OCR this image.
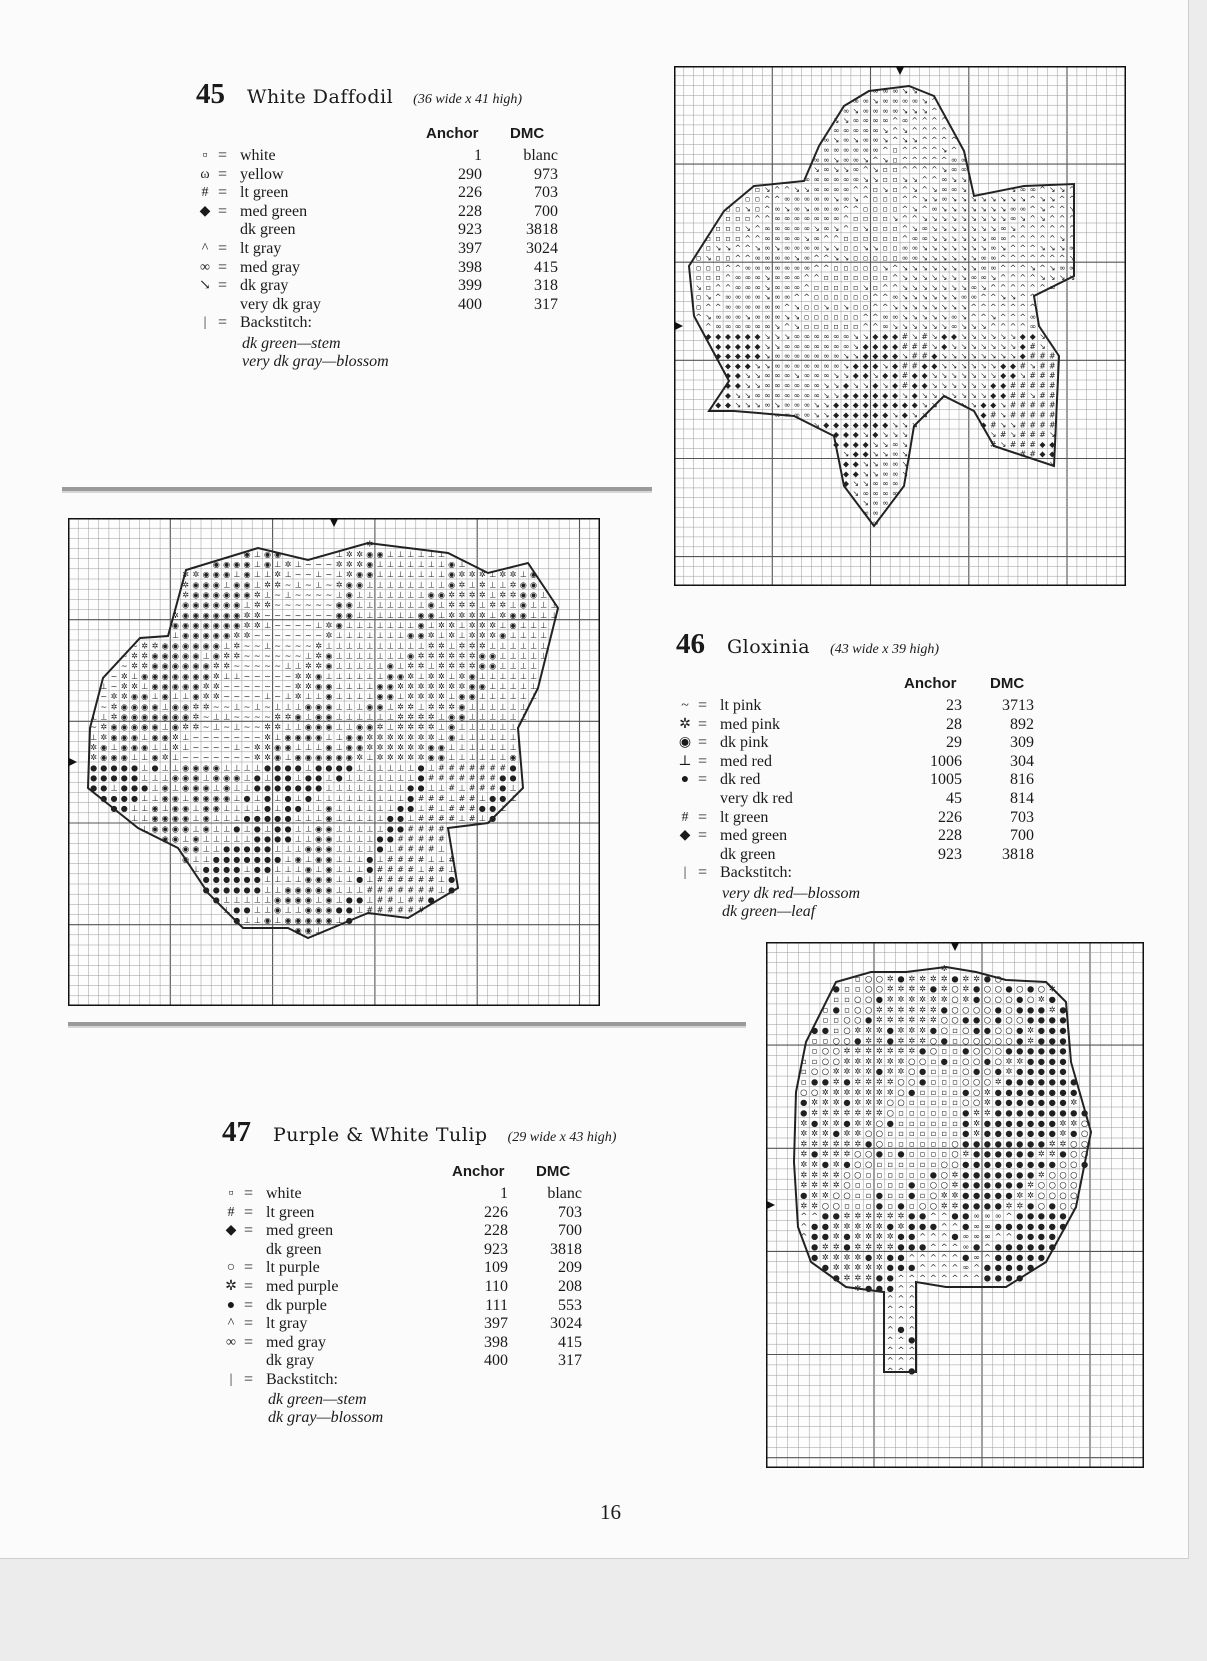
45 White Daffodil (36 wide x 41 high)
Anchor DMC
▫ = white	1	blanc
ω = yellow	290	973
# = lt green	226	703
◆ = med green	228	700
dk green	923	3818
^ = lt gray	397	3024
∞ = med gray	398	415
↘ = dk gray	399	318
very dk gray	400	317
| = Backstitch:
dk green—stem
very dk gray—blossom
46 Gloxinia (43 wide x 39 high)
Anchor DMC
~ = lt pink	23	3713
✲ = med pink	28	892
◉ = dk pink	29	309
⊥ = med red	1006	304
● = dk red	1005	816
very dk red	45	814
# = lt green	226	703
◆ = med green	228	700
dk green	923	3818
| = Backstitch:
very dk red—blossom
dk green—leaf
47 Purple & White Tulip (29 wide x 43 high)
Anchor DMC
▫ = white	1	blanc
# = lt green	226	703
◆ = med green	228	700
dk green	923	3818
○ = lt purple	109	209
✲ = med purple	110	208
● = dk purple	111	553
^ = lt gray	397	3024
∞ = med gray	398	415
dk gray	400	317
| = Backstitch:
dk green—stem
dk gray—blossom
∞ ∞ ∞ ↘ ↘
∞ ∞ ↘ ∞ ∞ ∞ ∞ ↘ ^
∞ ↘ ∞ ∞ ∞ ∞ ↘ ↘ ↘ ^
↘ ↘ ∞ ∞ ∞ ∞ ^ ∞ ^ ^ ^ ^
∞ ∞ ∞ ∞ ∞ ↘ ^ ↘ ^ ^ ^ ^
∞ ↘ ∞ ↘ ∞ ∞ ↘ ^ ↘ ↘ ^ ^ ^ ^
∞ ∞ ∞ ∞ ∞ ∞ ^ ▫ ^ ^ ^ ^ ↘ ^
∞ ∞ ↘ ∞ ∞ ↘ ^ ↘ ▫ ^ ^ ^ ^ ^ ∞ ∞
↘ ∞ ↘ ↘ ∞ ^ ↘ ▫ ▫ ^ ^ ^ ^ ↘ ∞ ∞
∞ ∞ ∞ ∞ ∞ ∞ ↘ ↘ ▫ ▫ ↘ ↘ ^ ^ ∞ ↘ ↘
▫ ↘ ^ ^ ↘ ↘ ∞ ∞ ∞ ∞ ^ ^ ▫ ↘ ▫ ^ ↘ ^ ↘ ∞ ∞ ↘	↘ ∞ ∞ ^ ↘ ↘ ^
▫ ▫ ^ ^ ∞ ∞ ∞ ∞ ∞ ↘ ∞ ↘ ^ ▫ ▫ ▫ ^ ^ ↘ ↘ ∞ ↘ ↘ ↘ ↘ ↘ ↘ ↘ ↘ ^ ↘ ↘ ^ ^
▫ ▫ ↘ ▫ ^ ∞ ↘ ∞ ↘ ∞ ∞ ∞ ^ ^ ▫ ▫ ▫ ▫ ^ ↘ ^ ∞ ↘ ↘ ↘ ↘ ↘ ↘ ↘ ∞ ∞ ^ ↘ ^ ^ ↘
▫ ▫ ▫ ^ ^ ∞ ∞ ∞ ∞ ∞ ∞ ∞ ^ ▫ ▫ ▫ ▫ ↘ ^ ^ ↘ ↘ ↘ ↘ ↘ ↘ ↘ ↘ ↘ ∞ ↘ ^ ↘ ^ ^ ^
▫ ▫ ▫ ↘ ^ ∞ ∞ ∞ ∞ ∞ ↘ ∞ ↘ ^ ▫ ↘ ▫ ▫ ▫ ^ ↘ ∞ ↘ ↘ ↘ ↘ ↘ ↘ ↘ ∞ ↘ ^ ^ ^ ^ ^ ^
▫ ▫ ▫ ▫ ^ ^ ∞ ∞ ∞ ∞ ↘ ∞ ^ ^ ▫ ▫ ▫ ▫ ▫ ▫ ^ ∞ ∞ ↘ ↘ ↘ ↘ ↘ ↘ ∞ ∞ ^ ^ ^ ^ ^ ↘ ^
▫ ↘ ↘ ^ ^ ↘ ∞ ↘ ∞ ∞ ∞ ∞ ↘ ↘ ▫ ▫ ↘ ↘ ▫ ▫ ∞ ∞ ↘ ↘ ↘ ↘ ↘ ↘ ↘ ∞ ↘ ^ ^ ^ ↘ ↘ ↘ ∞
▫ ↘ ▫ ▫ ^ ^ ∞ ∞ ∞ ∞ ↘ ∞ ^ ^ ↘ ↘ ▫ ▫ ▫ ▫ ▫ ∞ ∞ ↘ ↘ ↘ ↘ ↘ ↘ ∞ ∞ ^ ^ ^ ^ ^ ^ ^ ↘
▫ ▫ ▫ ^ ^ ∞ ∞ ∞ ∞ ∞ ∞ ∞ ^ ^ ▫ ▫ ▫ ▫ ▫ ↘ ^ ↘ ↘ ↘ ↘ ↘ ↘ ↘ ↘ ∞ ∞ ^ ^ ^ ↘ ^ ↘ ∞ ∞
▫ ▫ ▫ ^ ∞ ∞ ∞ ↘ ∞ ∞ ∞ ^ ^ ▫ ▫ ▫ ▫ ▫ ▫ ▫ ^ ↘ ↘ ↘ ↘ ↘ ↘ ↘ ∞ ∞ ↘ ^ ^ ^ ^ ↘ ↘ ↘ ↘
↘ ▫ ^ ^ ∞ ∞ ∞ ↘ ∞ ∞ ∞ ^ ▫ ▫ ▫ ▫ ▫ ↘ ▫ ^ ^ ↘ ↘ ↘ ↘ ↘ ↘ ↘ ∞ ↘ ^ ^ ^ ^ ^ ^ ∞
▫ ↘ ^ ∞ ∞ ∞ ∞ ↘ ∞ ∞ ^ ^ ▫ ▫ ▫ ▫ ▫ ▫ ^ ^ ∞ ↘ ↘ ↘ ↘ ↘ ↘ ∞ ∞ ^ ^ ↘ ↘ ^ ^
▫ ^ ^ ∞ ∞ ∞ ∞ ∞ ∞ ^ ↘ ▫ ▫ ↘ ▫ ↘ ▫ ▫ ^ ^ ↘ ↘ ↘ ↘ ↘ ↘ ↘ ↘ ^ ^ ^ ^ ^ ^ ^
^ ↘ ∞ ∞ ∞ ↘ ∞ ∞ ∞ ↘ ↘ ▫ ▫ ▫ ▫ ▫ ▫ ^ ^ ∞ ∞ ↘ ↘ ↘ ↘ ↘ ∞ ↘ ^ ^ ↘ ^ ^ ^ ∞
^ ∞ ∞ ∞ ∞ ∞ ∞ ↘ ^ ↘ ▫ ▫ ▫ ▫ ▫ ▫ ^ ^ ∞ ↘ ↘ ↘ ↘ ↘ ↘ ∞ ↘ ↘ ↘ ^ ^ ^ ^ ∞
◆ ◆ ◆ ◆ ◆ ◆ ↘ ↘ ↘ ∞ ∞ ∞ ∞ ∞ ∞ ↘ ↘ ◆ ◆ ◆ # ↘ # ↘ ◆ ◆ ↘ ↘ ↘ ↘ ↘ ↘ ◆ ◆ ↘
◆ ◆ ◆ ◆ ◆ ↘ ↘ ∞ ∞ ∞ ∞ ∞ ∞ ∞ ↘ ◆ ◆ ◆ ◆ # # # ↘ ◆ ↘ ↘ ↘ ↘ ↘ ↘ ↘ ◆ # ↘
◆ ◆ ◆ ◆ ◆ ↘ ∞ ∞ ∞ ∞ ∞ ∞ ∞ ↘ ↘ ◆ ◆ ◆ ◆ ↘ # # ◆ ↘ ↘ ↘ ↘ ↘ ↘ ↘ ↘ ◆ # # #
◆ ◆ ◆ ↘ ↘ ∞ ∞ ∞ ∞ ∞ ∞ ∞ ↘ ◆ ◆ ◆ ↘ ◆ # # ◆ ◆ ↘ ↘ ↘ ↘ ↘ ↘ ◆ ◆ # ↘ # #
◆ ◆ ↘ ↘ ∞ ∞ ∞ ↘ ∞ ∞ ∞ ↘ ↘ ◆ ◆ ↘ ◆ ◆ # ◆ ◆ ↘ ↘ ↘ ↘ ↘ ↘ ↘ ◆ ◆ ↘ # # #
◆ ◆ ↘ ↘ ∞ ∞ ∞ ∞ ∞ ∞ ↘ ↘ ◆ ↘ ↘ ◆ ↘ ◆ # ◆ ◆ ↘ ↘ ↘ ↘ ↘ ↘ ◆ ◆ # # # # #
◆ ↘ ↘ ∞ ∞ ∞ ∞ ∞ ∞ ∞ ↘ ↘ ◆ ◆ ◆ ◆ ◆ ◆ ↘ ◆ ↘ ↘ ↘ ↘ ↘ ↘ ↘ ◆ ◆ # # ↘ # #
◆ ◆ ↘ ↘ ↘ ∞ ↘ ∞ ∞ ∞ ↘ ↘ ◆ ◆ ◆ ◆ ◆ ◆ ◆ ◆ ◆ ↘ ↘	↘ ↘ ◆ ◆ ↘ # # # # #
∞ ∞ ∞ ∞ ↘ ↘ ◆ ◆ ◆ ◆ ◆ ◆ ↘ ◆ ↘ ↘	◆ # ↘ # # # # #
↘ ◆ ◆ ◆ ◆ ◆ ◆ ◆ ↘ ↘ ↘	◆ # ↘ ↘ # # # #
◆ ◆ ◆ ↘ ◆ ↘ ↘ ↘	↘ # ↘ # # # ↘
◆ ◆ ◆ ◆ ↘ ↘ ∞ ↘	# ↘ # # # ◆ ◆
↘ ◆ ◆ ↘ ↘ ∞ ↘	# # ◆ ◆
◆ ◆ ↘ ↘ ∞ ∞ ↘	↘
◆ ◆ ↘ ↘ ∞ ∞ ↘
◆ ↘ ↘ ∞ ∞ ∞
↘ ∞ ∞ ∞ ∞
↘ ∞ ∞
∞ ∞
∞
✲
◉ ⊥ ◉ ◉	⊥ ✲ ✲ ◉ ◉ ⊥ ⊥ ⊥ ⊥ ⊥ ⊥
◉ ◉ ◉ ◉ ⊥ ◉ ⊥ ✲ ⊥ ~ ~ ~ ✲ ✲ ✲ ◉ ⊥ ⊥ ⊥ ⊥ ⊥ ⊥ ⊥ ◉ ⊥
✲ ✲ ◉ ◉ ◉ ⊥ ◉ ⊥ ⊥ ✲ ⊥ ~ ~ ⊥ ~ ⊥ ✲ ◉ ◉ ⊥ ⊥ ⊥ ⊥ ⊥ ⊥ ⊥ ◉ ✲ ✲ ✲ ⊥ ✲ ✲ ⊥ ◉
✲ ◉ ◉ ◉ ⊥ ◉ ◉ ⊥ ✲ ✲ ~ ⊥ ~ ⊥ ~ ✲ ◉ ◉ ⊥ ⊥ ⊥ ⊥ ⊥ ⊥ ⊥ ⊥ ◉ ✲ ⊥ ✲ ⊥ ⊥ ✲ ◉ ◉
✲ ◉ ◉ ◉ ◉ ◉ ◉ ✲ ⊥ ~ ⊥ ~ ~ ~ ~ ⊥ ◉ ⊥ ⊥ ⊥ ⊥ ⊥ ⊥ ⊥ ◉ ◉ ✲ ✲ ✲ ✲ ⊥ ✲ ✲ ◉ ◉ ⊥
◉ ◉ ◉ ◉ ◉ ◉ ⊥ ✲ ✲ ~ ~ ~ ~ ~ ~ ◉ ◉ ⊥ ⊥ ⊥ ⊥ ⊥ ⊥ ⊥ ◉ ⊥ ✲ ✲ ✲ ⊥ ✲ ✲ ⊥ ◉ ⊥ ⊥ ⊥
✲ ◉ ◉ ◉ ◉ ◉ ◉ ✲ ✲ ~ ~ ~ ~ ~ ~ ~ ◉ ◉ ⊥ ⊥ ⊥ ⊥ ⊥ ⊥ ◉ ◉ ⊥ ✲ ✲ ✲ ✲ ⊥ ✲ ◉ ◉ ⊥ ⊥ ⊥
◉ ◉ ◉ ◉ ◉ ◉ ◉ ✲ ✲ ⊥ ~ ~ ~ ~ ⊥ ✲ ◉ ⊥ ⊥ ⊥ ⊥ ⊥ ⊥ ⊥ ◉ ⊥ ✲ ✲ ⊥ ✲ ✲ ✲ ⊥ ◉ ⊥ ⊥ ⊥
⊥ ◉ ◉ ◉ ◉ ◉ ✲ ✲ ~ ~ ~ ~ ~ ~ ~ ✲ ⊥ ⊥ ⊥ ⊥ ⊥ ⊥ ⊥ ◉ ◉ ✲ ⊥ ✲ ⊥ ✲ ✲ ✲ ◉ ⊥ ⊥ ⊥ ⊥
~ ✲ ✲ ◉ ◉ ◉ ◉ ◉ ◉ ⊥ ✲ ~ ~ ⊥ ~ ~ ~ ~ ✲ ⊥ ⊥ ⊥ ⊥ ⊥ ⊥ ⊥ ⊥ ⊥ ⊥ ✲ ✲ ⊥ ✲ ✲ ✲ ⊥ ⊥ ⊥ ⊥ ⊥ ⊥
~ ✲ ✲ ◉ ◉ ◉ ◉ ◉ ⊥ ◉ ✲ ✲ ~ ~ ~ ~ ~ ~ ⊥ ✲ ◉ ⊥ ⊥ ⊥ ⊥ ⊥ ⊥ ⊥ ◉ ✲ ✲ ✲ ✲ ✲ ✲ ◉ ◉ ⊥ ⊥ ⊥ ⊥ ⊥
~ ✲ ✲ ◉ ◉ ◉ ◉ ◉ ◉ ✲ ✲ ~ ~ ~ ~ ~ ⊥ ⊥ ✲ ✲ ◉ ⊥ ⊥ ⊥ ⊥ ⊥ ◉ ⊥ ✲ ✲ ⊥ ✲ ✲ ✲ ✲ ◉ ◉ ⊥ ⊥ ⊥ ⊥
~ ✲ ⊥ ◉ ◉ ◉ ◉ ◉ ◉ ◉ ✲ ⊥ ⊥ ~ ~ ~ ~ ~ ✲ ✲ ◉ ⊥ ⊥ ⊥ ⊥ ⊥ ⊥ ◉ ◉ ✲ ⊥ ✲ ✲ ⊥ ✲ ◉ ⊥ ⊥ ⊥ ⊥ ⊥ ⊥
⊥ ~ ✲ ✲ ⊥ ◉ ◉ ◉ ◉ ◉ ✲ ✲ ~ ~ ~ ~ ~ ~ ~ ✲ ✲ ◉ ◉ ⊥ ⊥ ⊥ ⊥ ◉ ◉ ✲ ✲ ✲ ✲ ✲ ✲ ✲ ◉ ◉ ⊥ ⊥ ⊥ ⊥ ⊥
~ ✲ ✲ ◉ ◉ ⊥ ◉ ⊥ ⊥ ◉ ✲ ✲ ~ ~ ~ ~ ⊥ ~ ⊥ ✲ ⊥ ⊥ ◉ ⊥ ⊥ ⊥ ⊥ ◉ ◉ ⊥ ✲ ✲ ✲ ✲ ⊥ ◉ ◉ ⊥ ⊥ ⊥ ⊥ ⊥ ⊥
~ ✲ ◉ ◉ ◉ ◉ ⊥ ◉ ◉ ✲ ✲ ~ ~ ⊥ ~ ⊥ ~ ⊥ ⊥ ⊥ ◉ ◉ ◉ ⊥ ⊥ ⊥ ◉ ◉ ⊥ ✲ ✲ ⊥ ✲ ✲ ✲ ◉ ⊥ ⊥ ⊥ ⊥ ⊥ ⊥
⊥ ⊥ ✲ ◉ ◉ ◉ ◉ ◉ ◉ ◉ ✲ ~ ⊥ ⊥ ~ ~ ~ ~ ✲ ✲ ◉ ⊥ ◉ ◉ ⊥ ⊥ ⊥ ⊥ ⊥ ⊥ ✲ ✲ ✲ ✲ ⊥ ◉ ◉ ⊥ ⊥ ⊥ ⊥ ⊥ ⊥
~ ✲ ◉ ◉ ◉ ◉ ◉ ⊥ ◉ ✲ ✲ ~ ⊥ ~ ⊥ ~ ~ ✲ ✲ ⊥ ⊥ ◉ ◉ ◉ ⊥ ⊥ ◉ ◉ ✲ ⊥ ✲ ✲ ✲ ✲ ⊥ ◉ ⊥ ⊥ ⊥ ⊥ ⊥ ⊥
⊥ ✲ ◉ ◉ ◉ ⊥ ◉ ◉ ✲ ⊥ ~ ~ ~ ~ ~ ~ ~ ✲ ⊥ ◉ ◉ ◉ ◉ ⊥ ⊥ ◉ ◉ ✲ ✲ ✲ ✲ ✲ ✲ ✲ ⊥ ◉ ⊥ ⊥ ⊥ ⊥ ⊥ ⊥
✲ ◉ ⊥ ◉ ◉ ◉ ⊥ ⊥ ✲ ⊥ ~ ~ ~ ~ ⊥ ~ ✲ ✲ ◉ ◉ ⊥ ⊥ ⊥ ◉ ⊥ ◉ ◉ ✲ ✲ ✲ ✲ ✲ ✲ ◉ ◉ ⊥ ⊥ ⊥ ⊥ ⊥ ⊥ ⊥
✲ ◉ ◉ ◉ ⊥ ⊥ ◉ ✲ ⊥ ~ ~ ~ ~ ~ ~ ~ ✲ ✲ ◉ ⊥ ◉ ◉ ◉ ◉ ◉ ◉ ✲ ⊥ ✲ ✲ ✲ ✲ ✲ ◉ ◉ ⊥ ⊥ ⊥ ⊥ ⊥ ⊥ ◉
● ● ● ● ● ⊥ ● ⊥ ⊥ ◉ ◉ ◉ ◉ ⊥ ⊥ ⊥ ⊥ ● ● ● ● ⊥ ● ● ● ● ⊥ ⊥ ⊥ ⊥ ⊥ ⊥ ● ⊥ # # # # # # # ●
● ● ● ● ● ⊥ ⊥ ⊥ ◉ ◉ ◉ ⊥ ◉ ◉ ◉ ⊥ ● ⊥ ● ● ⊥ ● ● ⊥ ● ⊥ ⊥ ⊥ ⊥ ⊥ ⊥ ⊥ ● # # # # # # # ● ●
● ● ⊥ ● ● ● ⊥ ◉ ⊥ ◉ ◉ ◉ ⊥ ◉ ⊥ ⊥ ● ● ● ● ● ● ● ⊥ ⊥ ⊥ ⊥ ⊥ ⊥ ⊥ ⊥ ● ● ⊥ ⊥ # ⊥ # # # ● ⊥
● ● ● ● ⊥ ⊥ ◉ ◉ ⊥ ◉ ◉ ◉ ◉ ⊥ ● ⊥ ● ⊥ ● ⊥ ● ⊥ ⊥ ⊥ ⊥ ⊥ ⊥ ⊥ ⊥ ⊥ ● # # # ⊥ # # ⊥ ● ● ⊥
● ● ⊥ ⊥ ◉ ⊥ ◉ ◉ ⊥ ◉ ◉ ⊥ ⊥ ⊥ ⊥ ● ⊥ ● ● ⊥ ⊥ ◉ ⊥ ⊥ ⊥ ⊥ ⊥ ⊥ ● ● ⊥ # ⊥ # # # ● ● ⊥
⊥ ⊥ ◉ ◉ ◉ ◉ ⊥ ◉ ⊥ ⊥ ⊥ ● ● ● ● ● ⊥ ⊥ ⊥ ◉ ⊥ ⊥ ⊥ ⊥ ⊥ ● ● ⊥ # # # # ⊥ # ⊥ ●
⊥ ◉ ◉ ◉ ◉ ⊥ ◉ ⊥ ⊥ ● ⊥ ● ⊥ ● ● ⊥ ⊥ ◉ ◉ ⊥ ⊥ ⊥ ⊥ ⊥ ● ● # # # #
◉ ◉ ⊥ ◉ ⊥ ⊥ ⊥ ⊥ ⊥ ● ● ● ● ⊥ ⊥ ◉ ◉ ⊥ ⊥ ⊥ ⊥ ● ● # # # # #
◉ ◉ ⊥ ⊥ ● ● ● ● ● ⊥ ⊥ ⊥ ◉ ◉ ◉ ⊥ ⊥ ⊥ ⊥ ● ⊥ # # # # ⊥
◉ ⊥ ⊥ ● ● ● ● ● ● ● ⊥ ◉ ⊥ ◉ ◉ ⊥ ⊥ ⊥ ● ⊥ # # # # ⊥ ⊥ #
⊥ ● ● ● ● ⊥ ● ● ⊥ ⊥ ⊥ ◉ ⊥ ◉ ⊥ ⊥ ⊥ ● # # # # ⊥ # # ⊥
● ● ● ● ● ● ⊥ ⊥ ⊥ ⊥ ◉ ◉ ◉ ⊥ ⊥ ● ⊥ # # # # # # ⊥ ●
● ● ● ● ● ● ⊥ ⊥ ◉ ◉ ◉ ◉ ◉ ⊥ ⊥ ⊥ # # # # # # # ⊥ ●
● ⊥ ⊥ ⊥ ⊥ ⊥ ◉ ◉ ◉ ◉ ⊥ ◉ ⊥ ● ● ⊥ # # ⊥ # # ●
⊥ ● ● ⊥ ⊥ ◉ ⊥ ⊥ ◉ ◉ ◉ ● ● ⊥ # # # # # #
● ⊥ ⊥ ◉ ⊥ ◉ ◉ ◉ ◉ ◉ ⊥ ●
◉ ◉ ⊥
✲
▫ ○ ○ ✲ ● ✲ ✲ ✲ ✲ ● ✲ ✲ ● ○
● ▫ ▫ ○ ○ ✲ ✲ ✲ ✲ ● ✲ ○ ✲ ● ○ ○ ● ○ ● ○ ✲
▫ ▫ ○ ○ ● ✲ ✲ ✲ ✲ ✲ ✲ ○ ✲ ● ○ ○ ○ ● ○ ✲ ●
▫ ● ▫ ○ ○ ✲ ✲ ✲ ✲ ✲ ✲ ● ○ ○ ○ ○ ● ○ ● ● ● ✲ ●
▫ ▫ ○ ○ ● ✲ ✲ ✲ ✲ ✲ ✲ ○ ○ ● ● ○ ● ○ ○ ● ● ● ●
● ● ▫ ○ ✲ ✲ ✲ ● ✲ ✲ ✲ ● ○ ▫ ○ ● ● ○ ○ ● ✲ ● ● ●
▫ ▫ ○ ○ ● ✲ ✲ ● ✲ ✲ ✲ ○ ● ▫ ○ ○ ○ ○ ○ ● ✲ ● ● ●
▫ ○ ○ ✲ ✲ ✲ ✲ ✲ ✲ ✲ ● ○ ▫ ▫ ● ○ ○ ○ ● ● ● ● ● ●
▫ ▫ ○ ○ ✲ ✲ ✲ ✲ ✲ ✲ ○ ○ ▫ ● ▫ ○ ○ ● ○ ✲ ✲ ● ● ● ●
▫ ○ ○ ✲ ✲ ✲ ✲ ● ✲ ✲ ○ ● ▫ ▫ ▫ ○ ● ○ ● ✲ ● ● ● ● ●
▫ ● ● ✲ ● ✲ ✲ ✲ ✲ ○ ○ ● ▫ ▫ ▫ ○ ○ ○ ✲ ● ● ● ● ● ● ●
○ ○ ✲ ✲ ✲ ✲ ✲ ✲ ✲ ○ ● ▫ ▫ ▫ ▫ ● ○ ✲ ● ● ● ● ● ● ● ●
● ✲ ✲ ✲ ● ✲ ✲ ✲ ○ ○ ▫ ▫ ▫ ▫ ▫ ○ ○ ✲ ● ● ● ● ● ● ● ✲
● ✲ ✲ ✲ ✲ ✲ ✲ ✲ ○ ▫ ▫ ▫ ▫ ▫ ▫ ● ✲ ✲ ● ● ● ● ● ● ● ● ●
✲ ● ✲ ✲ ● ✲ ✲ ○ ● ▫ ▫ ▫ ▫ ▫ ▫ ● ✲ ● ● ● ● ● ● ● ✲ ✲ ○
✲ ✲ ✲ ● ✲ ✲ ○ ○ ▫ ▫ ▫ ▫ ▫ ▫ ▫ ● ✲ ● ● ● ● ● ● ● ✲ ● ○
✲ ✲ ✲ ✲ ✲ ✲ ● ○ ▫ ▫ ▫ ▫ ▫ ▫ ○ ● ● ● ● ● ● ● ● ✲ ✲ ○ ○
✲ ● ✲ ✲ ✲ ○ ○ ● ▫ ● ▫ ▫ ▫ ▫ ○ ✲ ● ● ● ● ● ● ✲ ✲ ● ○ ○
✲ ✲ ● ✲ ● ○ ○ ▫ ▫ ▫ ▫ ▫ ▫ ○ ○ ● ● ● ● ● ● ● ● ● ○ ○ ●
✲ ✲ ✲ ✲ ○ ○ ▫ ▫ ▫ ▫ ▫ ▫ ● ○ ✲ ● ● ● ● ● ● ● ✲ ○ ○ ○
✲ ✲ ✲ ✲ ○ ▫ ▫ ▫ ▫ ▫ ● ▫ ○ ○ ✲ ● ● ● ● ● ● ✲ ○ ○ ○ ○
● ✲ ✲ ○ ○ ▫ ▫ ● ▫ ▫ ● ▫ ○ ✲ ✲ ● ● ● ● ● ✲ ✲ ○ ○ ○ ○
✲ ✲ ○ ○ ▫ ▫ ▫ ● ▫ ● ▫ ○ ○ ✲ ✲ ● ● ● ● ✲ ✲ ● ○ ● ○ ○
^ ^ ● ● ✲ ✲ ✲ ✲ ✲ ✲ ● ● ^ ^ ● ● ∞ ∞ ∞ ^ ● ● ● ● ●
^ ● ● ✲ ✲ ✲ ✲ ✲ ● ✲ ● ● ● ^ ^ ● ∞ ∞ ● ● ● ● ● ● ●
^ ● ● ✲ ● ✲ ✲ ✲ ✲ ● ● ^ ^ ^ ● ∞ ∞ ∞ ^ ^ ● ● ● ●
● ✲ ✲ ● ✲ ✲ ✲ ✲ ● ● ● ^ ^ ^ ∞ ● ^ ● ● ● ● ● ●
● ✲ ✲ ✲ ✲ ● ✲ ● ● ^ ^ ^ ^ ^ ● ∞ ^ ● ● ● ● ●
● ✲ ✲ ✲ ✲ ✲ ● ● ● ^ ^ ^ ^ ∞ ^ ● ● ● ● ●
● ✲ ✲ ✲ ● ● ^ ^ ^ ^ ^ ^ ^ ^ ● ● ● ●
✲ ● ● ● ^ ^
^ ^ ^
^ ^ ^
^ ^ ^
^ ● ^
^ ^ ●
^ ^ ^
^ ^ ^
^ ^ ●
16
